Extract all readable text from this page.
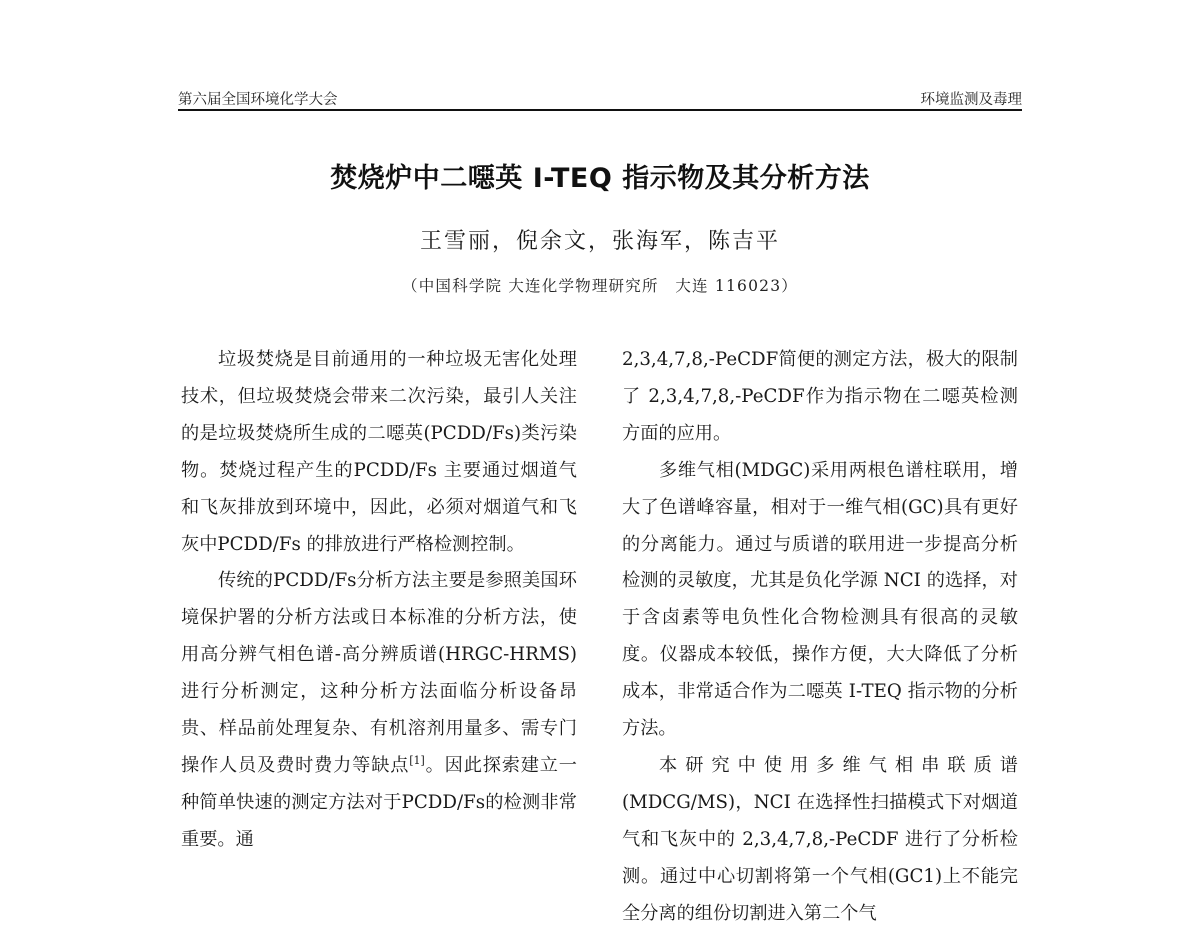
第六届全国环境化学大会	环境监测及毒理
焚烧炉中二噁英 I-TEQ 指示物及其分析方法
王雪丽，倪余文，张海军，陈吉平
（中国科学院 大连化学物理研究所　大连 116023）

垃圾焚烧是目前通用的一种垃圾无害化处理技术，但垃圾焚烧会带来二次污染，最引人关注的是垃圾焚烧所生成的二噁英(PCDD/Fs)类污染物。焚烧过程产生的PCDD/Fs 主要通过烟道气和飞灰排放到环境中，因此，必须对烟道气和飞灰中PCDD/Fs 的排放进行严格检测控制。

传统的PCDD/Fs分析方法主要是参照美国环境保护署的分析方法或日本标准的分析方法，使用高分辨气相色谱-高分辨质谱(HRGC-HRMS)进行分析测定，这种分析方法面临分析设备昂贵、样品前处理复杂、有机溶剂用量多、需专门操作人员及费时费力等缺点[1]。因此探索建立一种简单快速的测定方法对于PCDD/Fs的检测非常重要。通

2,3,4,7,8,-PeCDF简便的测定方法，极大的限制了 2,3,4,7,8,-PeCDF作为指示物在二噁英检测方面的应用。

多维气相(MDGC)采用两根色谱柱联用，增大了色谱峰容量，相对于一维气相(GC)具有更好的分离能力。通过与质谱的联用进一步提高分析检测的灵敏度，尤其是负化学源 NCI 的选择，对于含卤素等电负性化合物检测具有很高的灵敏度。仪器成本较低，操作方便，大大降低了分析成本，非常适合作为二噁英 I-TEQ 指示物的分析方法。

本研究中使用多维气相串联质谱(MDCG/MS)，NCI 在选择性扫描模式下对烟道气和飞灰中的 2,3,4,7,8,-PeCDF 进行了分析检测。通过中心切割将第一个气相(GC1)上不能完全分离的组份切割进入第二个气
